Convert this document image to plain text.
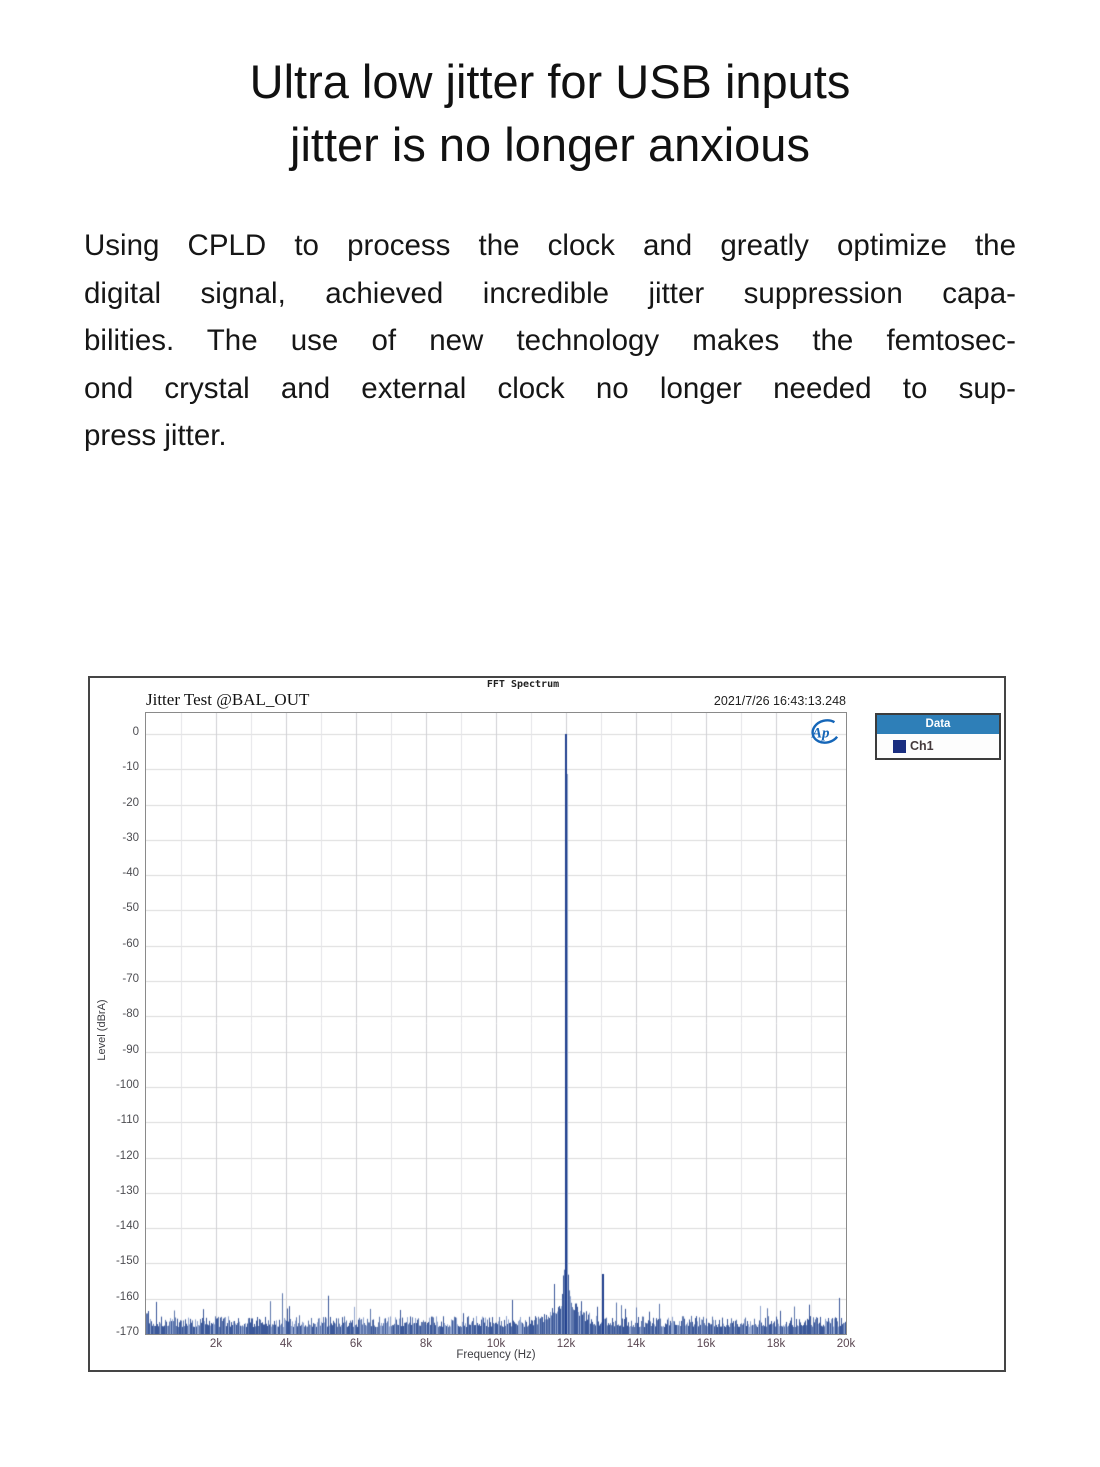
Ultra low jitter for USB inputs
jitter is no longer anxious
Using CPLD to process the clock and greatly optimize the
digital signal, achieved incredible jitter suppression capa-
bilities. The use of new technology makes the femtosec-
ond crystal and external clock no longer needed to sup-
press jitter.
FFT Spectrum
Jitter Test @BAL_OUT	2021/7/26 16:43:13.248
0
-10
-20
-30
-40
-50
-60
-70
-80
-90
-100
-110
-120
-130
-140
-150
-160
-170
2k	4k	6k	8k	10k	12k	14k	16k	18k	20k
Level (dBrA)
Frequency (Hz)
Ap
Data
Ch1
